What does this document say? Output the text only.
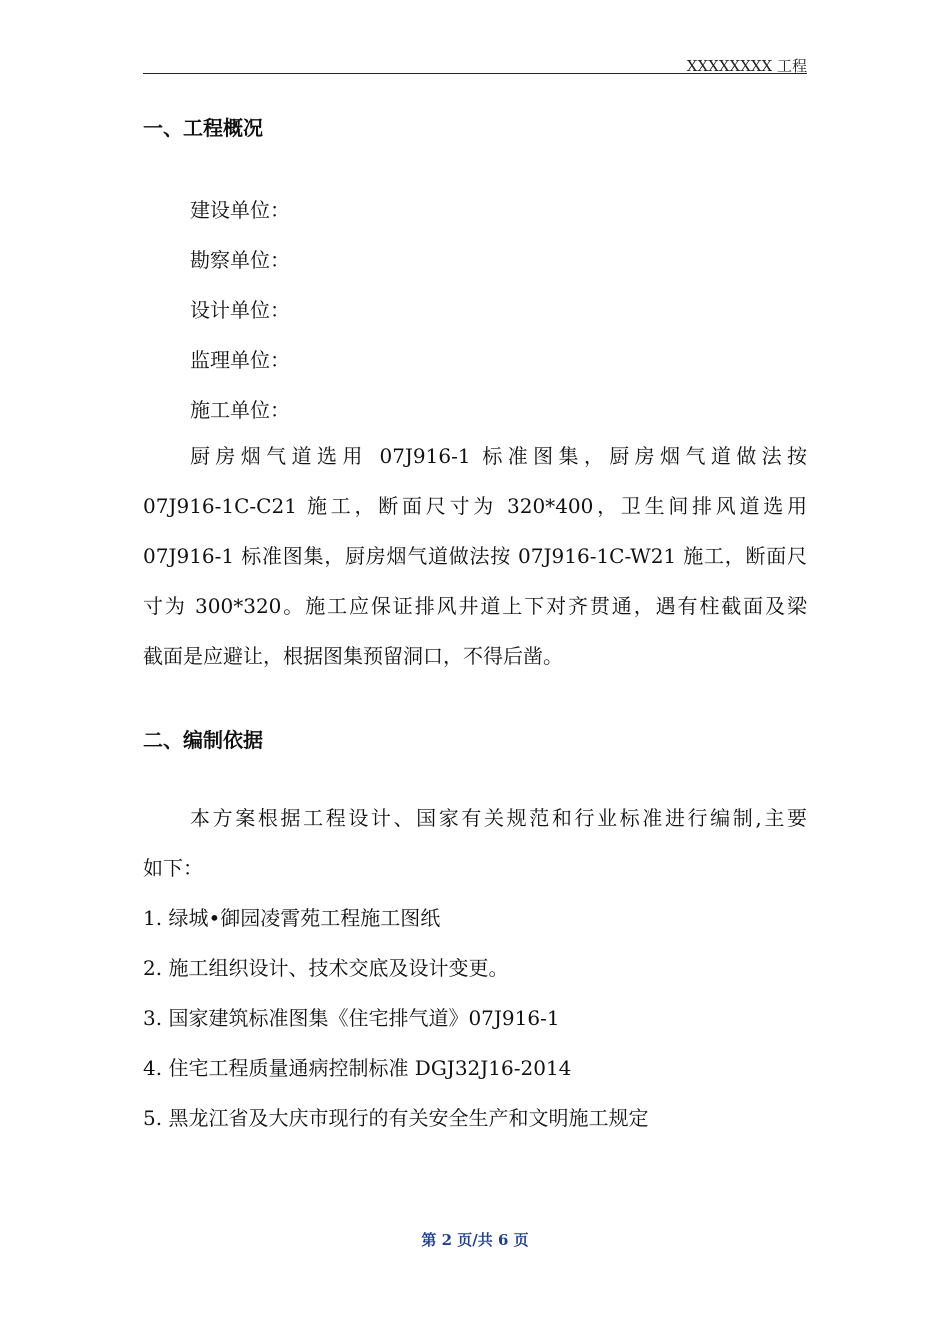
XXXXXXXX 工程
一、工程概况
建设单位：
勘察单位：
设计单位：
监理单位：
施工单位：
厨房烟气道选用 07J916-1 标准图集，厨房烟气道做法按
07J916-1C-C21 施工，断面尺寸为 320*400，卫生间排风道选用
07J916-1 标准图集，厨房烟气道做法按 07J916-1C-W21 施工，断面尺
寸为 300*320。施工应保证排风井道上下对齐贯通，遇有柱截面及梁
截面是应避让，根据图集预留洞口，不得后凿。
二、编制依据
本方案根据工程设计、国家有关规范和行业标准进行编制,主要
如下：
1. 绿城•御园凌霄苑工程施工图纸
2. 施工组织设计、技术交底及设计变更。
3. 国家建筑标准图集《住宅排气道》07J916-1
4. 住宅工程质量通病控制标准 DGJ32J16-2014
5. 黑龙江省及大庆市现行的有关安全生产和文明施工规定
第 2 页/共 6 页
